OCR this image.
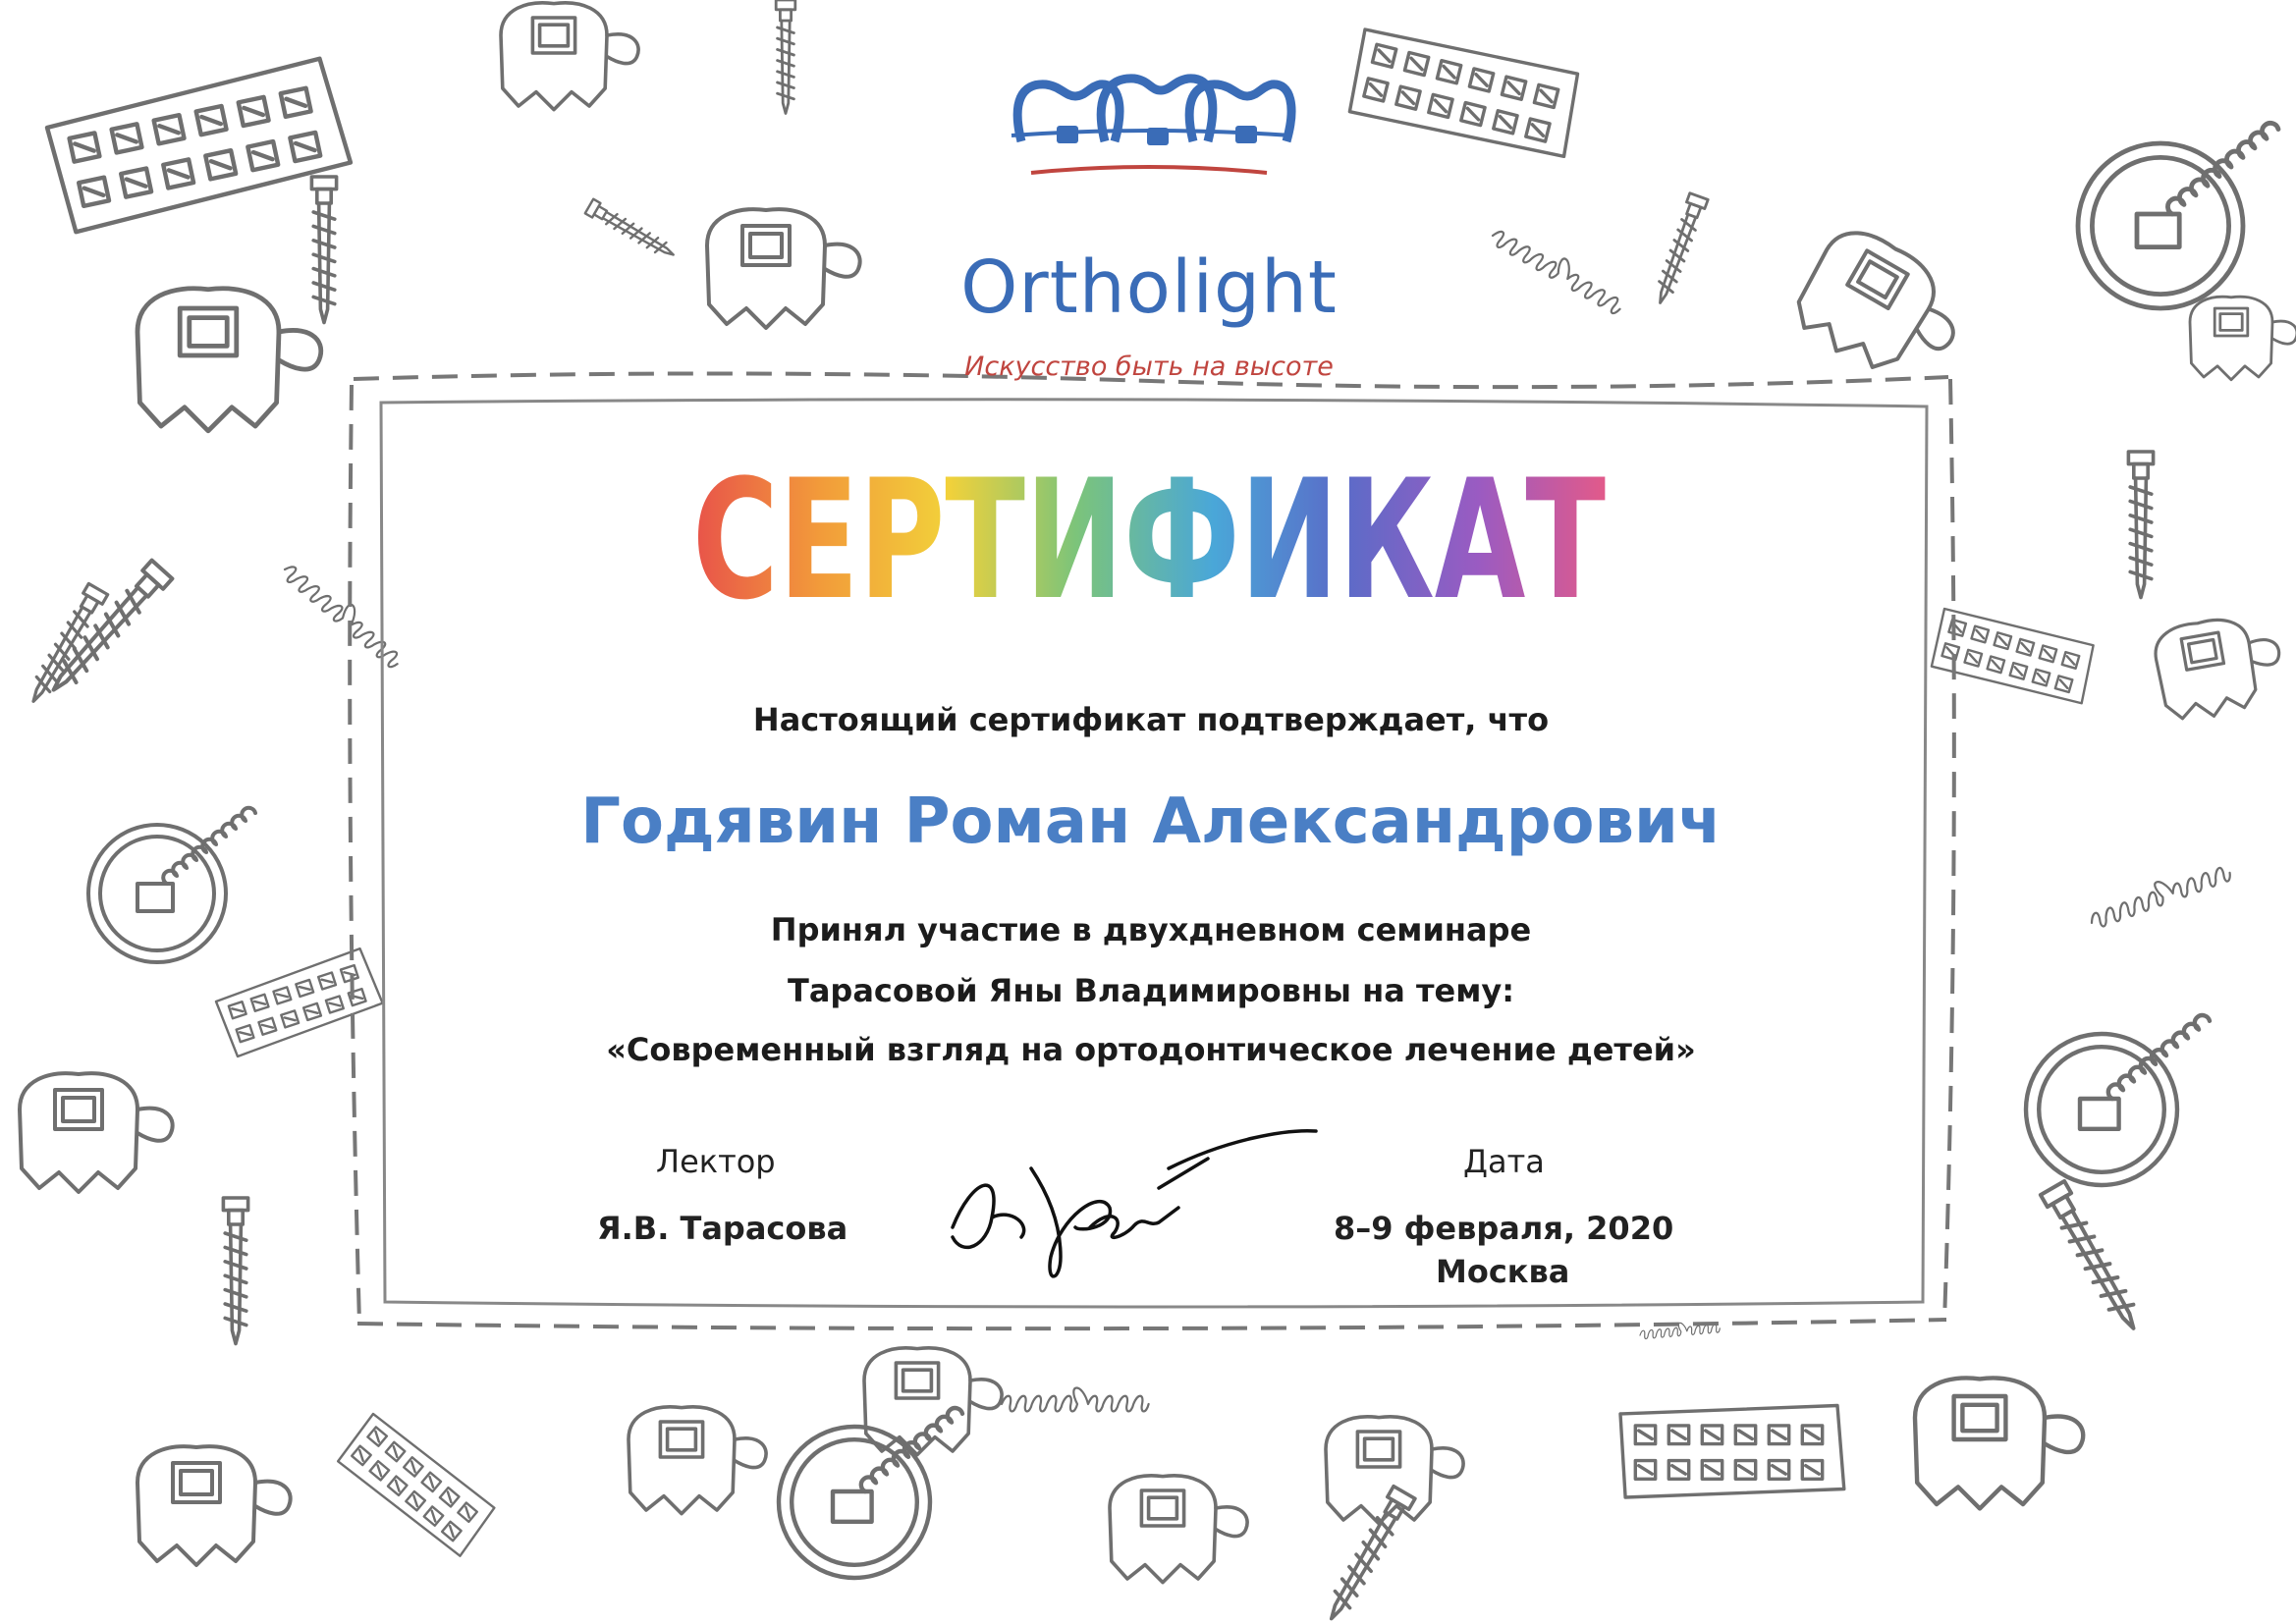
Ortholight
Искусство быть на высоте
СЕРТИФИКАТ
Настоящий сертификат подтверждает, что
Годявин Роман Александрович
Принял участие в двухдневном семинаре
Тарасовой Яны Владимировны на тему:
«Современный взгляд на ортодонтическое лечение детей»
Лектор
Я.В. Тарасова
Дата
8–9 февраля, 2020
Москва
